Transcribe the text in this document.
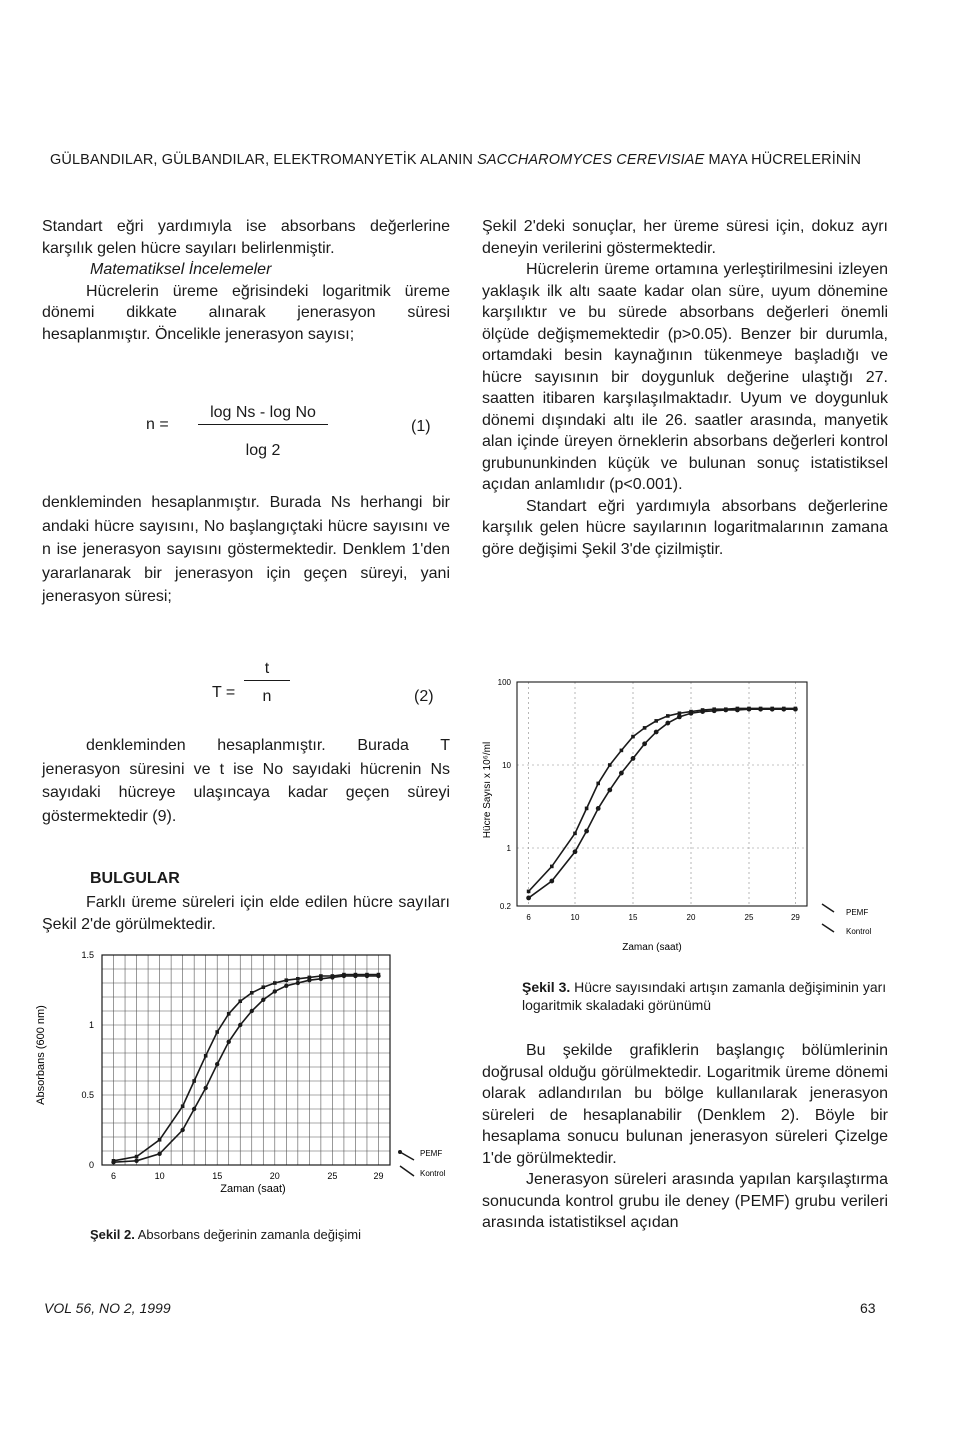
GÜLBANDILAR, GÜLBANDILAR, ELEKTROMANYETİK ALANIN SACCHAROMYCES CEREVISIAE MAYA HÜCRELERİNİN

Standart eğri yardımıyla ise absorbans değerlerine karşılık gelen hücre sayıları belirlenmiştir.

Matematiksel İncelemeler

Hücrelerin üreme eğrisindeki logaritmik üreme dönemi dikkate alınarak jenerasyon süresi hesaplanmıştır. Öncelikle jenerasyon sayısı;

n =
log Ns - log No
log 2
(1)

denkleminden hesaplanmıştır. Burada Ns herhangi bir andaki hücre sayısını, No başlangıçtaki hücre sayısını ve n ise jenerasyon sayısını göstermektedir. Denklem 1'den yararlanarak bir jenerasyon için geçen süreyi, yani jenerasyon süresi;

T =
t
n	(2)

denkleminden hesaplanmıştır. Burada T jenerasyon süresini ve t ise No sayıdaki hücrenin Ns sayıdaki hücreye ulaşıncaya kadar geçen süreyi göstermektedir (9).

BULGULAR

Farklı üreme süreleri için elde edilen hücre sayıları Şekil 2'de görülmektedir.

6	10	15	20	25	29
0
0.5
1
1.5
Absorbans (600 nm)
Zaman (saat)
PEMF
Kontrol
Şekil 2. Absorbans değerinin zamanla değişimi

Şekil 2'deki sonuçlar, her üreme süresi için, dokuz ayrı deneyin verilerini göstermektedir.

Hücrelerin üreme ortamına yerleştirilmesini izleyen yaklaşık ilk altı saate kadar olan süre, uyum dönemine karşılıktır ve bu sürede absorbans değerleri önemli ölçüde değişmemektedir (p>0.05). Benzer bir durumla, ortamdaki besin kaynağının tükenmeye başladığı ve hücre sayısının bir doygunluk değerine ulaştığı 27. saatten itibaren karşılaşılmaktadır. Uyum ve doygunluk dönemi dışındaki altı ile 26. saatler arasında, manyetik alan içinde üreyen örneklerin absorbans değerleri kontrol grubununkinden küçük ve bulunan sonuç istatistiksel açıdan anlamlıdır (p<0.001).

Standart eğri yardımıyla absorbans değerlerine karşılık gelen hücre sayılarının logaritmalarının zamana göre değişimi Şekil 3'de çizilmiştir.

6	10	15	20	25	29
0.2
1
10
100
Hücre Sayısı x 10⁶/ml
Zaman (saat)
PEMF
Kontrol
Şekil 3. Hücre sayısındaki artışın zamanla değişiminin yarı logaritmik skaladaki görünümü

Bu şekilde grafiklerin başlangıç bölümlerinin doğrusal olduğu görülmektedir. Logaritmik üreme dönemi olarak adlandırılan bu bölge kullanılarak jenerasyon süreleri de hesaplanabilir (Denklem 2). Böyle bir hesaplama sonucu bulunan jenerasyon süreleri Çizelge 1'de görülmektedir.

Jenerasyon süreleri arasında yapılan karşılaştırma sonucunda kontrol grubu ile deney (PEMF) grubu verileri arasında istatistiksel açıdan

VOL 56, NO 2, 1999	63
